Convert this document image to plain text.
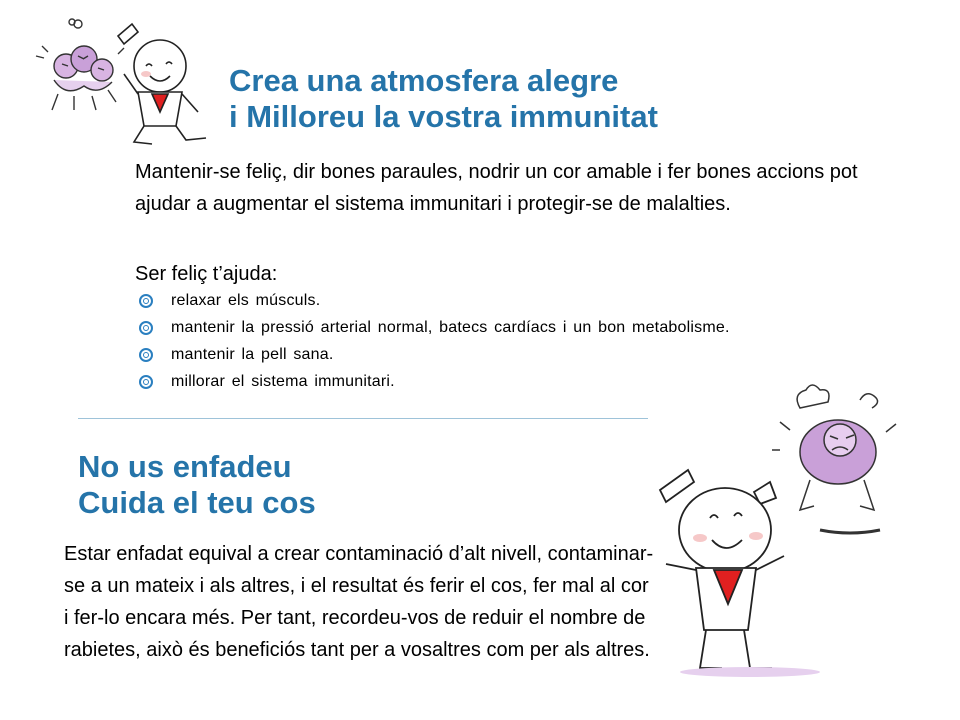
Crea una atmosfera alegre
i Milloreu la vostra immunitat

Mantenir-se feliç, dir bones paraules, nodrir un cor amable i fer bones accions pot ajudar a augmentar el sistema immunitari i protegir-se de malalties.

Ser feliç t’ajuda:

relaxar els músculs.
mantenir la pressió arterial normal, batecs cardíacs i un bon metabolisme.
mantenir la pell sana.
millorar el sistema immunitari.
No us enfadeu
Cuida el teu cos

Estar enfadat equival a crear contaminació d’alt nivell, contaminar-se a un mateix i als altres, i el resultat és ferir el cos, fer mal al cor i fer-lo encara més. Per tant, recordeu-vos de reduir el nombre de rabietes, això és beneficiós tant per a vosaltres com per als altres.
